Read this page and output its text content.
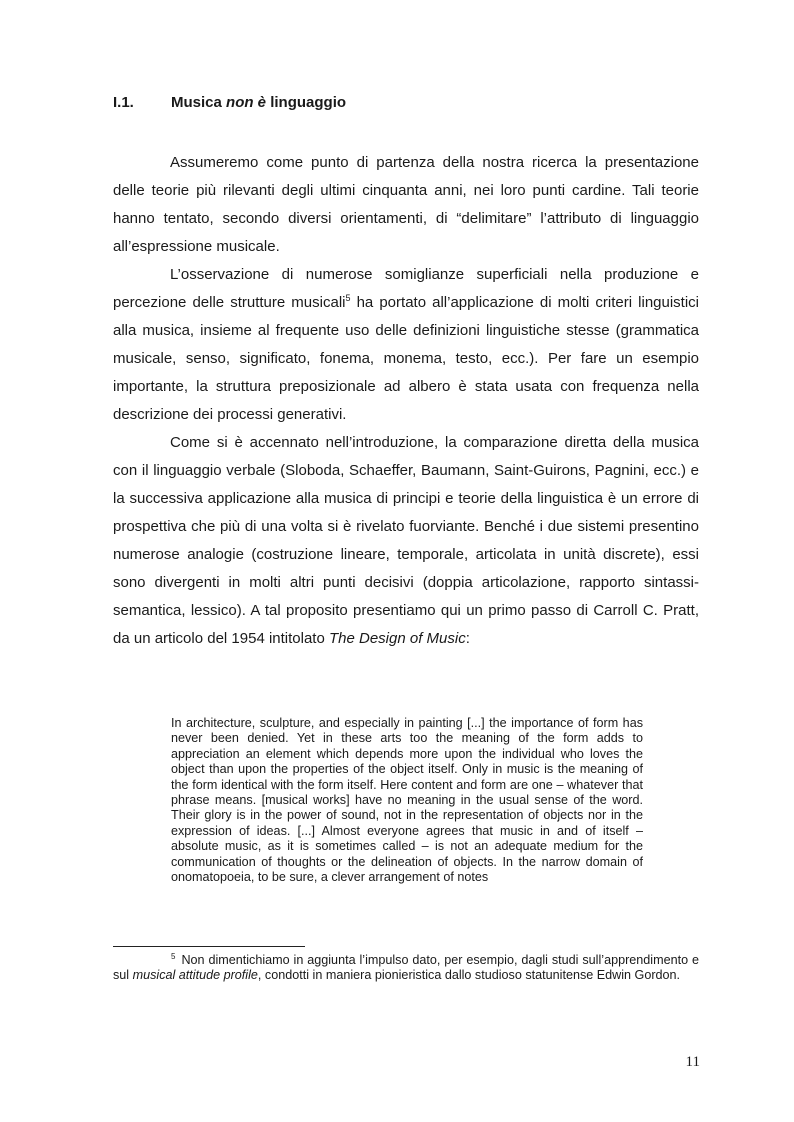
I.1. Musica non è linguaggio

Assumeremo come punto di partenza della nostra ricerca la presentazione delle teorie più rilevanti degli ultimi cinquanta anni, nei loro punti cardine. Tali teorie hanno tentato, secondo diversi orientamenti, di “delimitare” l’attributo di linguaggio all’espressione musicale.

L’osservazione di numerose somiglianze superficiali nella produzione e percezione delle strutture musicali$^5$ ha portato all’applicazione di molti criteri linguistici alla musica, insieme al frequente uso delle definizioni linguistiche stesse (grammatica musicale, senso, significato, fonema, monema, testo, ecc.). Per fare un esempio importante, la struttura preposizionale ad albero è stata usata con frequenza nella descrizione dei processi generativi.

Come si è accennato nell’introduzione, la comparazione diretta della musica con il linguaggio verbale (Sloboda, Schaeffer, Baumann, Saint-Guirons, Pagnini, ecc.) e la successiva applicazione alla musica di principi e teorie della linguistica è un errore di prospettiva che più di una volta si è rivelato fuorviante. Benché i due sistemi presentino numerose analogie (costruzione lineare, temporale, articolata in unità discrete), essi sono divergenti in molti altri punti decisivi (doppia articolazione, rapporto sintassi-semantica, lessico). A tal proposito presentiamo qui un primo passo di Carroll C. Pratt, da un articolo del 1954 intitolato The Design of Music:

In architecture, sculpture, and especially in painting [...] the importance of form has never been denied. Yet in these arts too the meaning of the form adds to appreciation an element which depends more upon the individual who loves the object than upon the properties of the object itself. Only in music is the meaning of the form identical with the form itself. Here content and form are one – whatever that phrase means. [musical works] have no meaning in the usual sense of the word. Their glory is in the power of sound, not in the representation of objects nor in the expression of ideas. [...] Almost everyone agrees that music in and of itself – absolute music, as it is sometimes called – is not an adequate medium for the communication of thoughts or the delineation of objects. In the narrow domain of onomatopoeia, to be sure, a clever arrangement of notes

$^5$ Non dimentichiamo in aggiunta l’impulso dato, per esempio, dagli studi sull’apprendimento e sul musical attitude profile, condotti in maniera pionieristica dallo studioso statunitense Edwin Gordon.

11
